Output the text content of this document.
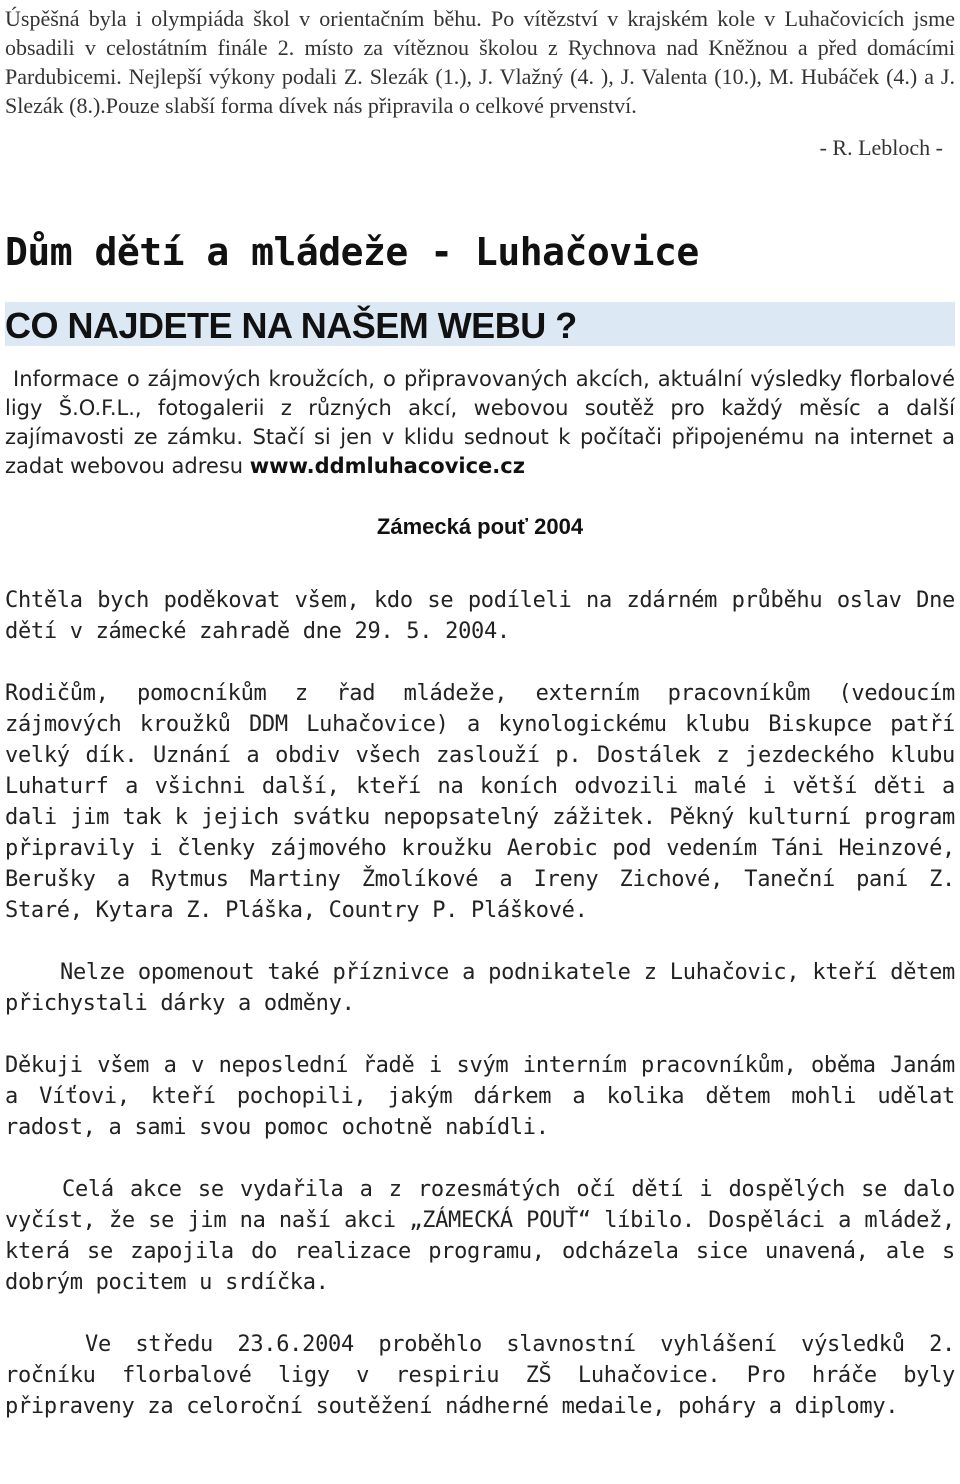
Úspěšná byla i olympiáda škol v orientačním běhu. Po vítězství v krajském kole v Luhačovicích jsme obsadili v celostátním finále 2. místo za vítěznou školou z Rychnova nad Kněžnou a před domácími Pardubicemi. Nejlepší výkony podali Z. Slezák (1.), J. Vlažný (4. ), J. Valenta (10.), M. Hubáček (4.) a J. Slezák (8.).Pouze slabší forma dívek nás připravila o celkové prvenství.

- R. Lebloch -
Dům dětí a mládeže - Luhačovice
CO NAJDETE NA NAŠEM WEBU ?

Informace o zájmových kroužcích, o připravovaných akcích, aktuální výsledky florbalové ligy Š.O.F.L., fotogalerii z různých akcí, webovou soutěž pro každý měsíc a další zajímavosti ze zámku. Stačí si jen v klidu sednout k počítači připojenému na internet a zadat webovou adresu www.ddmluhacovice.cz

Zámecká pouť 2004

Chtěla bych poděkovat všem, kdo se podíleli na zdárném průběhu oslav Dne dětí v zámecké zahradě dne 29. 5. 2004.

Rodičům, pomocníkům z řad mládeže, externím pracovníkům (vedoucím zájmových kroužků DDM Luhačovice) a kynologickému klubu Biskupce patří velký dík. Uznání a obdiv všech zaslouží p. Dostálek z jezdeckého klubu Luhaturf a všichni další, kteří na koních odvozili malé i větší děti a dali jim tak k jejich svátku nepopsatelný zážitek. Pěkný kulturní program připravily i členky zájmového kroužku Aerobic pod vedením Táni Heinzové, Berušky a Rytmus Martiny Žmolíkové a Ireny Zichové, Taneční paní Z. Staré, Kytara Z. Pláška, Country P. Pláškové.

Nelze opomenout také příznivce a podnikatele z Luhačovic, kteří dětem přichystali dárky a odměny.

Děkuji všem a v neposlední řadě i svým interním pracovníkům, oběma Janám a Víťovi, kteří pochopili, jakým dárkem a kolika dětem mohli udělat radost, a sami svou pomoc ochotně nabídli.

Celá akce se vydařila a z rozesmátých očí dětí i dospělých se dalo vyčíst, že se jim na naší akci „ZÁMECKÁ POUŤ“ líbilo. Dospěláci a mládež, která se zapojila do realizace programu, odcházela sice unavená, ale s dobrým pocitem u srdíčka.

Ve středu 23.6.2004 proběhlo slavnostní vyhlášení výsledků 2. ročníku florbalové ligy v respiriu ZŠ Luhačovice. Pro hráče byly připraveny za celoroční soutěžení nádherné medaile, poháry a diplomy.
